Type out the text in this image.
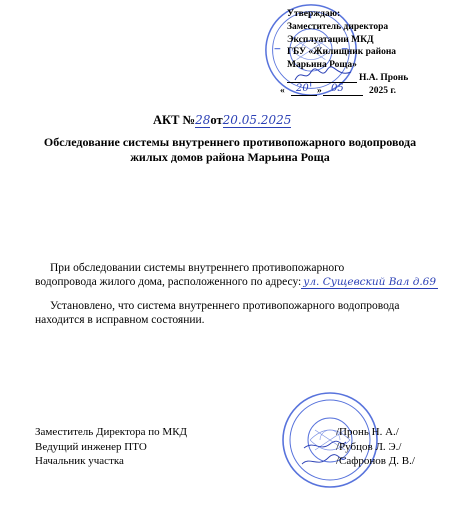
Утверждаю:
Заместитель директора
Эксплуатации МКД
ГБУ «Жилищник района
Марьина Роща»
Н.А. Пронь
« 20 » 05	2025 г.
АКТ №28от20.05.2025
Обследование системы внутреннего противопожарного водопровода
жилых домов района Марьина Роща
При обследовании системы внутреннего противопожарного
водопровода жилого дома, расположенного по адресу: ул. Сущевский Вал д.69
Установлено, что система внутреннего противопожарного водопровода
находится в исправном состоянии.
Заместитель Директора по МКД
Ведущий инженер ПТО
Начальник участка
/Пронь Н. А./
/Рубцов Л. Э./
/Сафронов Д. В./
